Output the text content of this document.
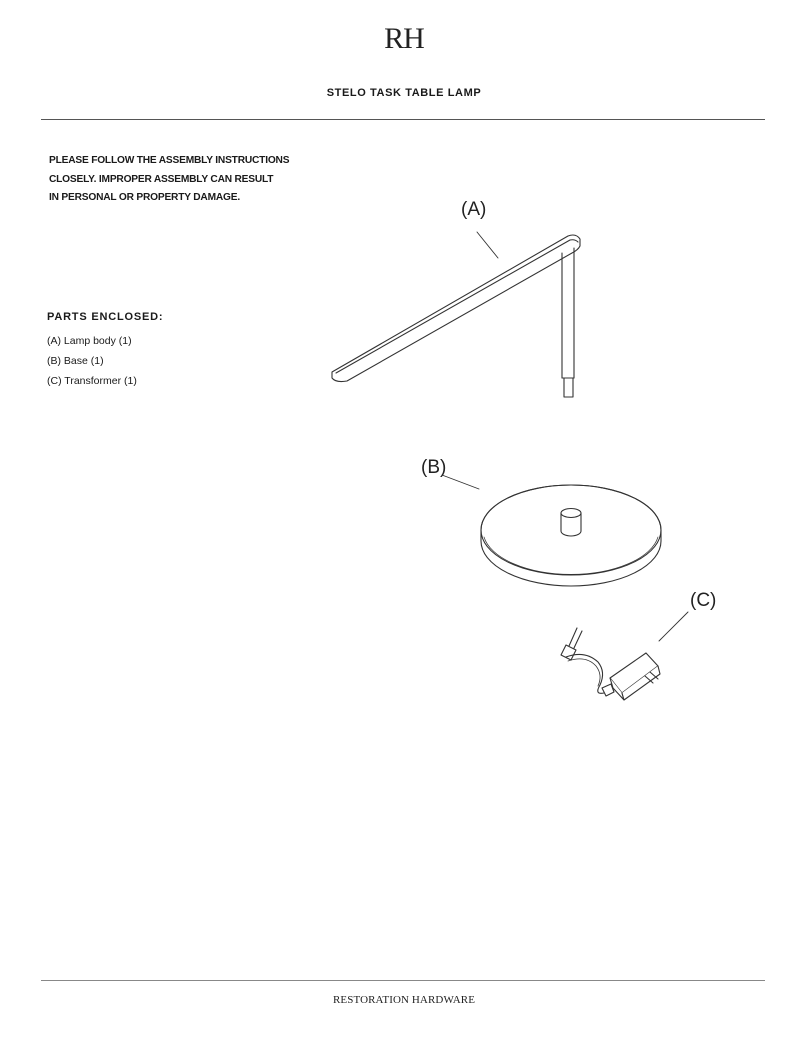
RH
STELO TASK TABLE LAMP
PLEASE FOLLOW THE ASSEMBLY INSTRUCTIONS
CLOSELY. IMPROPER ASSEMBLY CAN RESULT
IN PERSONAL OR PROPERTY DAMAGE.
PARTS ENCLOSED:
(A) Lamp body (1)
(B) Base (1)
(C) Transformer (1)
(A)
(B)
(C)
RESTORATION HARDWARE
